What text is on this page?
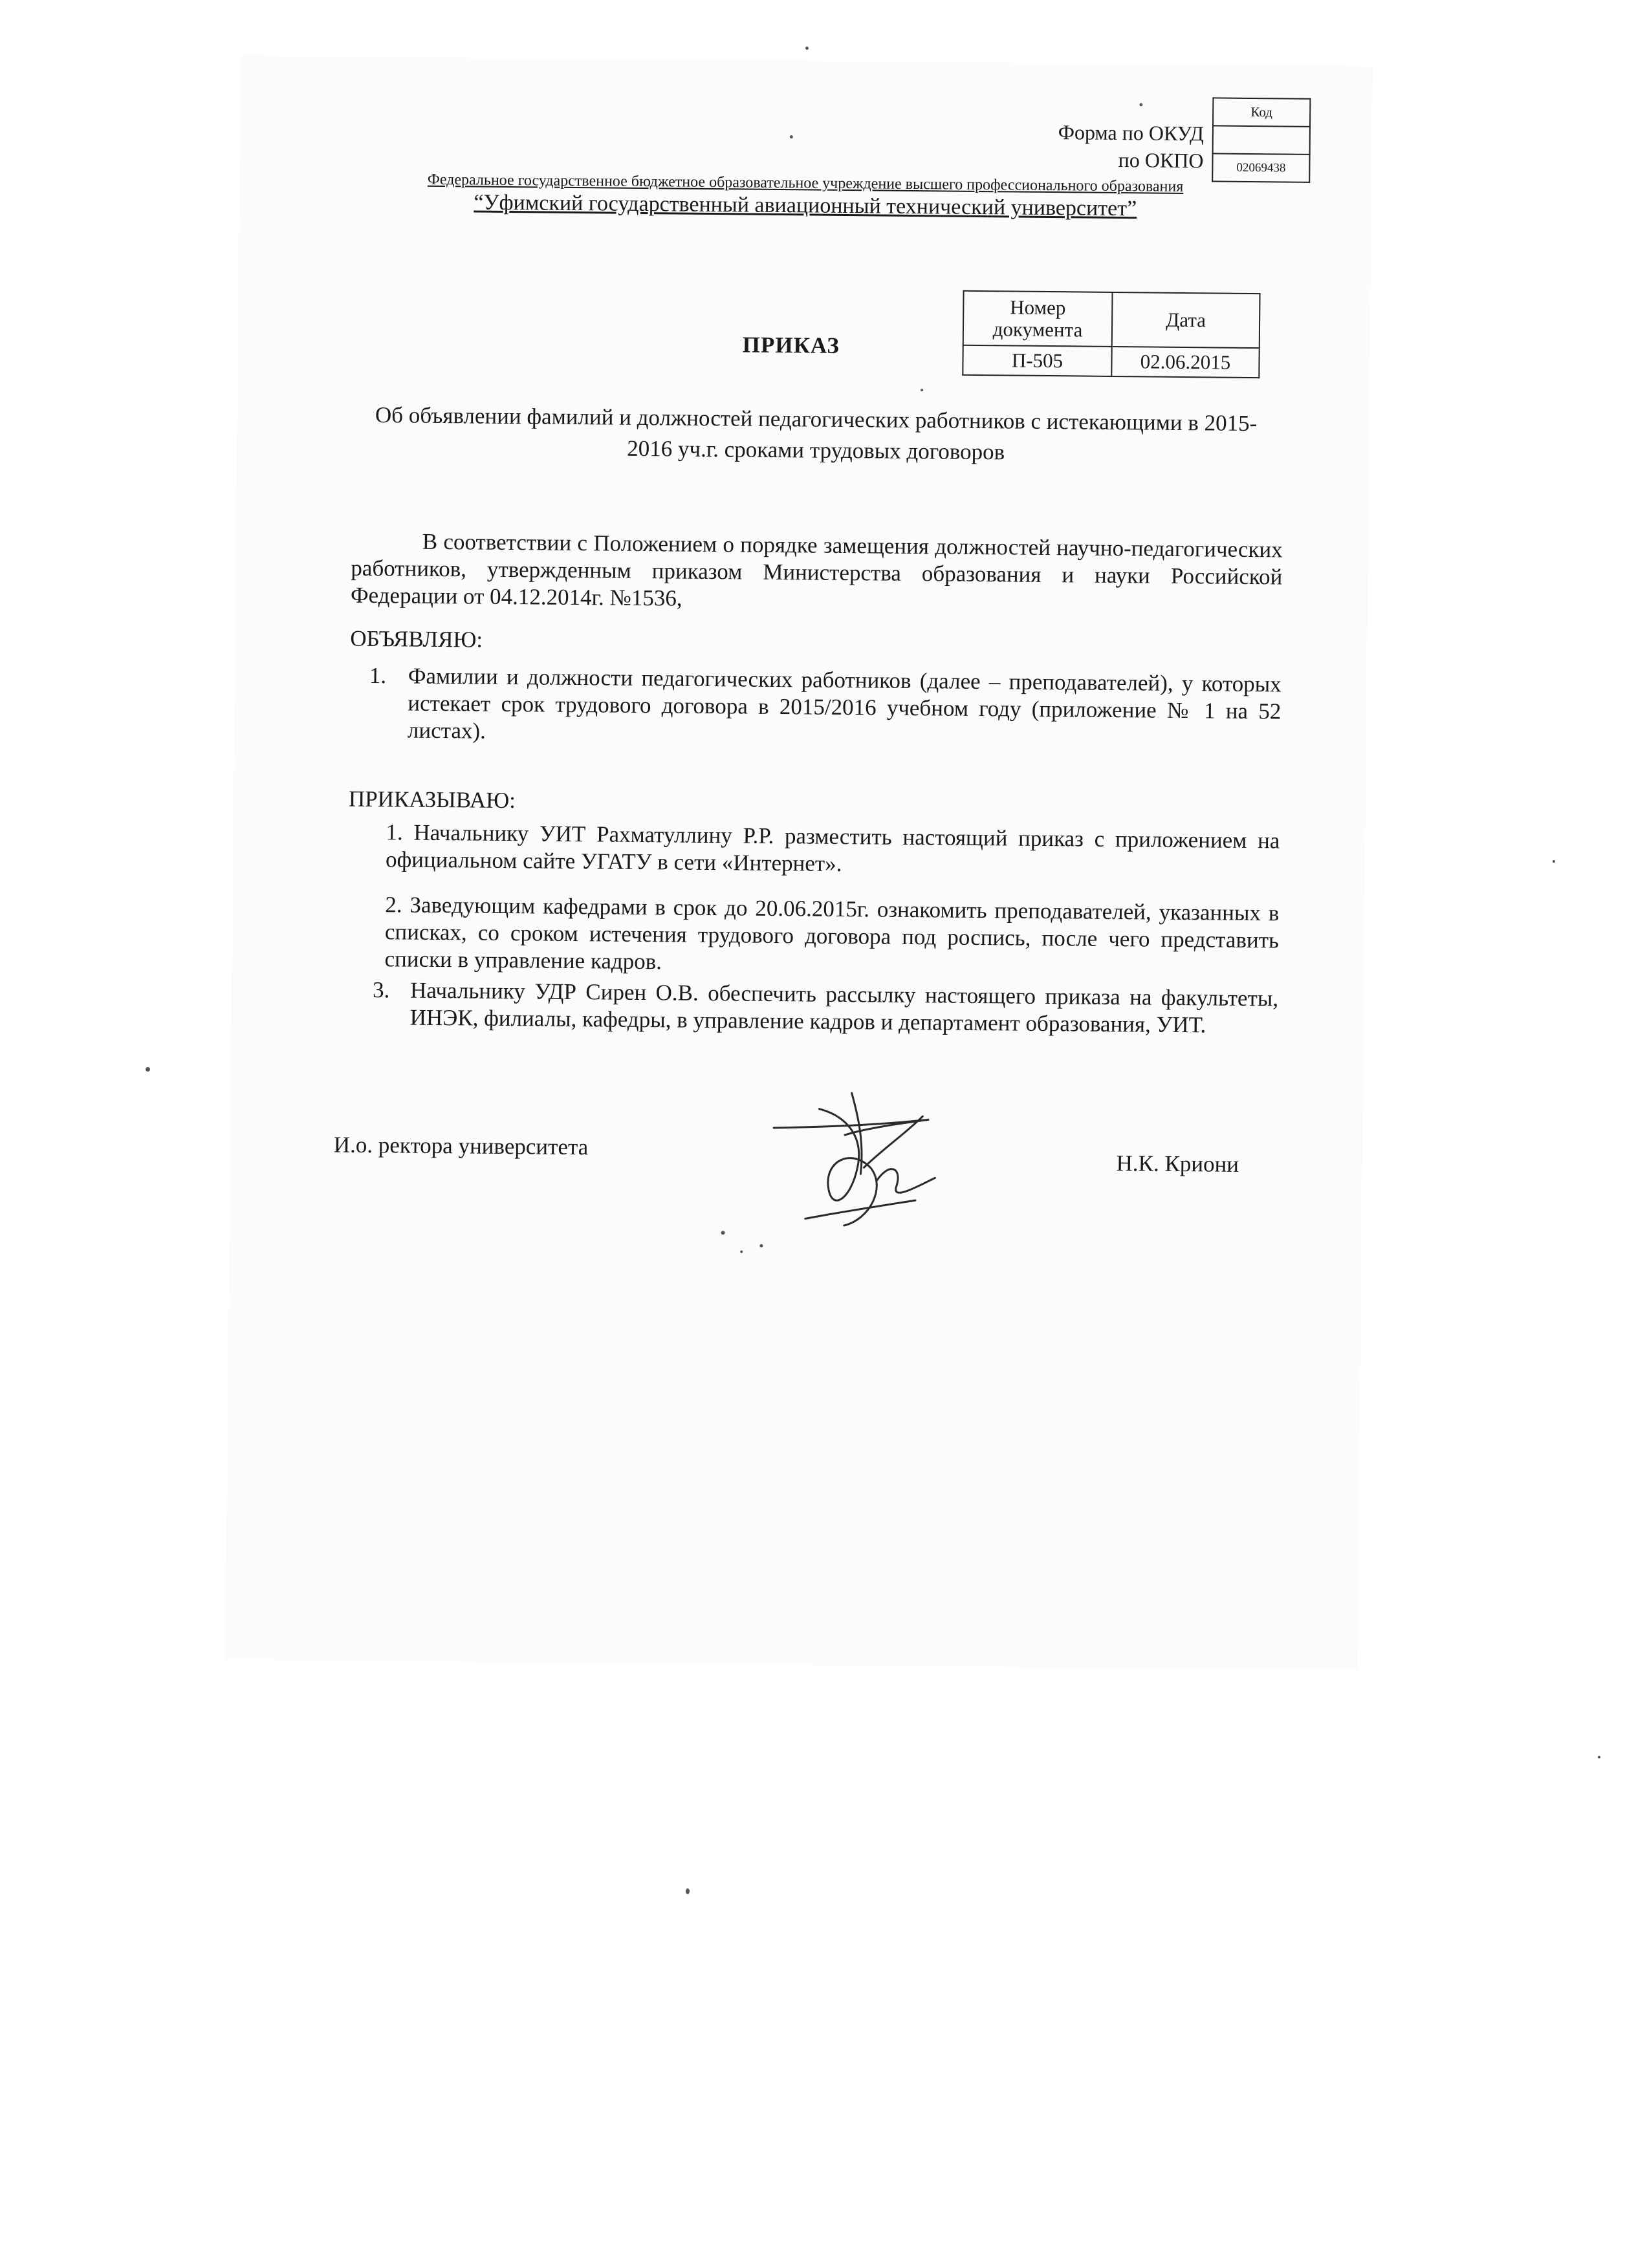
Форма по ОКУД
по ОКПО
Код

02069438
Федеральное государственное бюджетное образовательное учреждение высшего профессионального образования
“Уфимский государственный авиационный технический университет”
Номер документа	Дата
П-505	02.06.2015
ПРИКАЗ
Об объявлении фамилий и должностей педагогических работников с истекающими в 2015-2016 уч.г. сроками трудовых договоров
В соответствии с Положением о порядке замещения должностей научно-педагогических работников, утвержденным приказом Министерства образования и науки Российской Федерации от 04.12.2014г. №1536,
ОБЪЯВЛЯЮ:
1. Фамилии и должности педагогических работников (далее – преподавателей), у которых истекает срок трудового договора в 2015/2016 учебном году (приложение № 1 на 52 листах).
ПРИКАЗЫВАЮ:
1. Начальнику УИТ Рахматуллину Р.Р. разместить настоящий приказ с приложением на официальном сайте УГАТУ в сети «Интернет».
2. Заведующим кафедрами в срок до 20.06.2015г. ознакомить преподавателей, указанных в списках, со сроком истечения трудового договора под роспись, после чего представить списки в управление кадров.
3. Начальнику УДР Сирен О.В. обеспечить рассылку настоящего приказа на факультеты, ИНЭК, филиалы, кафедры, в управление кадров и департамент образования, УИТ.
И.о. ректора университета
Н.К. Криони
